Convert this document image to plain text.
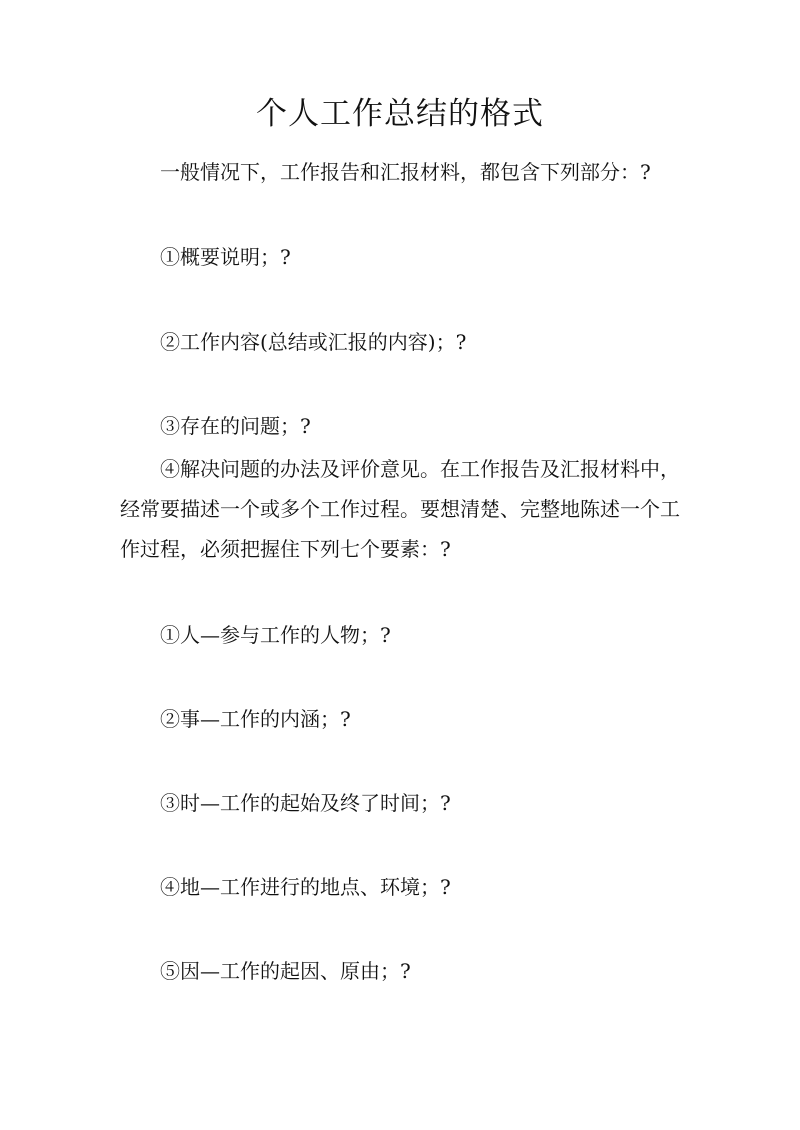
个人工作总结的格式

一般情况下，工作报告和汇报材料，都包含下列部分：?

①概要说明；?

②工作内容(总结或汇报的内容)；?

③存在的问题；?

④解决问题的办法及评价意见。在工作报告及汇报材料中，经常要描述一个或多个工作过程。要想清楚、完整地陈述一个工作过程，必须把握住下列七个要素：?

①人—参与工作的人物；?

②事—工作的内涵；?

③时—工作的起始及终了时间；?

④地—工作进行的地点、环境；?

⑤因—工作的起因、原由；?
